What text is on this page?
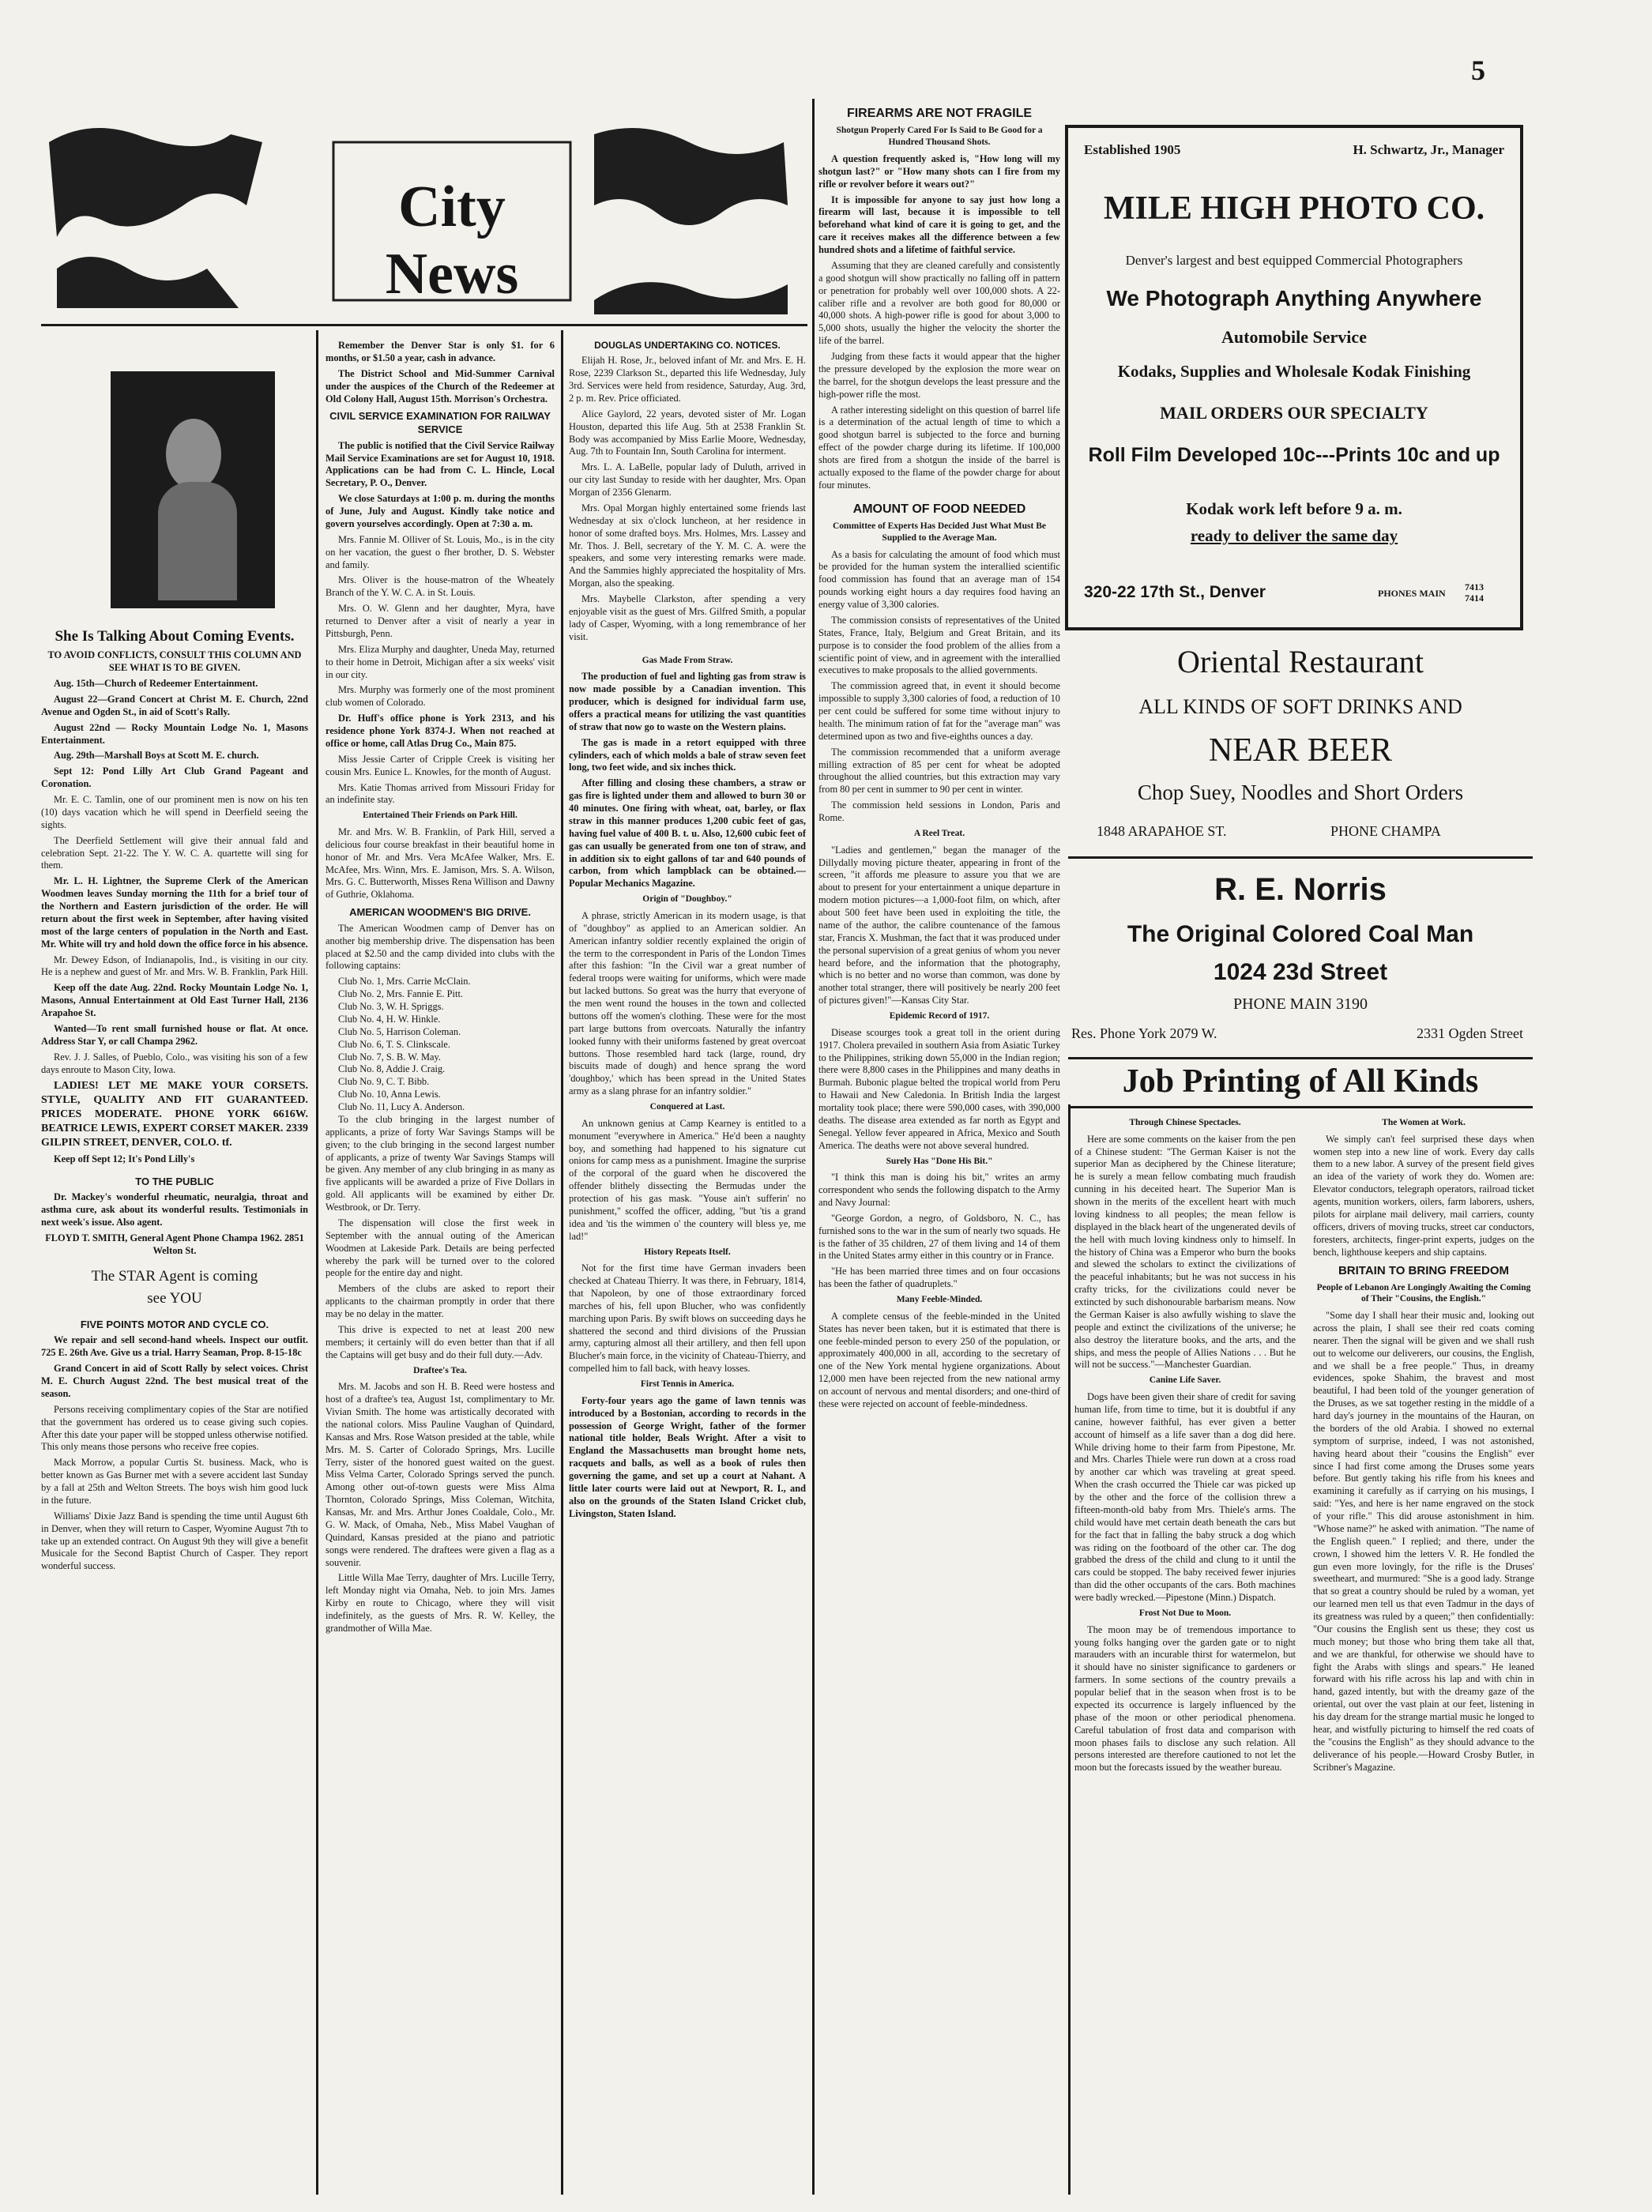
5
City News
She Is Talking About Coming Events.

TO AVOID CONFLICTS, CONSULT THIS COLUMN AND SEE WHAT IS TO BE GIVEN.

Aug. 15th—Church of Redeemer Entertainment.

August 22—Grand Concert at Christ M. E. Church, 22nd Avenue and Ogden St., in aid of Scott's Rally.

August 22nd — Rocky Mountain Lodge No. 1, Masons Entertainment.

Aug. 29th—Marshall Boys at Scott M. E. church.

Sept 12: Pond Lilly Art Club Grand Pageant and Coronation.

Mr. E. C. Tamlin, one of our prominent men is now on his ten (10) days vacation which he will spend in Deerfield seeing the sights.

The Deerfield Settlement will give their annual fald and celebration Sept. 21-22. The Y. W. C. A. quartette will sing for them.

Mr. L. H. Lightner, the Supreme Clerk of the American Woodmen leaves Sunday morning the 11th for a brief tour of the Northern and Eastern jurisdiction of the order. He will return about the first week in September, after having visited most of the large centers of population in the North and East. Mr. White will try and hold down the office force in his absence.

Mr. Dewey Edson, of Indianapolis, Ind., is visiting in our city. He is a nephew and guest of Mr. and Mrs. W. B. Franklin, Park Hill.

Keep off the date Aug. 22nd. Rocky Mountain Lodge No. 1, Masons, Annual Entertainment at Old East Turner Hall, 2136 Arapahoe St.

Wanted—To rent small furnished house or flat. At once. Address Star Y, or call Champa 2962.

Rev. J. J. Salles, of Pueblo, Colo., was visiting his son of a few days enroute to Mason City, Iowa.

LADIES! LET ME MAKE YOUR CORSETS. STYLE, QUALITY AND FIT GUARANTEED. PRICES MODERATE. PHONE YORK 6616W. BEATRICE LEWIS, EXPERT CORSET MAKER. 2339 GILPIN STREET, DENVER, COLO. tf.

Keep off Sept 12; It's Pond Lilly's

TO THE PUBLIC

Dr. Mackey's wonderful rheumatic, neuralgia, throat and asthma cure, ask about its wonderful results. Testimonials in next week's issue. Also agent.

FLOYD T. SMITH, General Agent Phone Champa 1962. 2851 Welton St.

The STAR Agent is coming
see YOU
FIVE POINTS MOTOR AND CYCLE CO.

We repair and sell second-hand wheels. Inspect our outfit. 725 E. 26th Ave. Give us a trial. Harry Seaman, Prop. 8-15-18c

Grand Concert in aid of Scott Rally by select voices. Christ M. E. Church August 22nd. The best musical treat of the season.

Persons receiving complimentary copies of the Star are notified that the government has ordered us to cease giving such copies. After this date your paper will be stopped unless otherwise notified. This only means those persons who receive free copies.

Mack Morrow, a popular Curtis St. business. Mack, who is better known as Gas Burner met with a severe accident last Sunday by a fall at 25th and Welton Streets. The boys wish him good luck in the future.

Williams' Dixie Jazz Band is spending the time until August 6th in Denver, when they will return to Casper, Wyomine August 7th to take up an extended contract. On August 9th they will give a benefit Musicale for the Second Baptist Church of Casper. They report wonderful success.

Remember the Denver Star is only $1. for 6 months, or $1.50 a year, cash in advance.

The District School and Mid-Summer Carnival under the auspices of the Church of the Redeemer at Old Colony Hall, August 15th. Morrison's Orchestra.

CIVIL SERVICE EXAMINATION FOR RAILWAY SERVICE

The public is notified that the Civil Service Railway Mail Service Examinations are set for August 10, 1918. Applications can be had from C. L. Hincle, Local Secretary, P. O., Denver.

We close Saturdays at 1:00 p. m. during the months of June, July and August. Kindly take notice and govern yourselves accordingly. Open at 7:30 a. m.

Mrs. Fannie M. Olliver of St. Louis, Mo., is in the city on her vacation, the guest o fher brother, D. S. Webster and family.

Mrs. Oliver is the house-matron of the Wheately Branch of the Y. W. C. A. in St. Louis.

Mrs. O. W. Glenn and her daughter, Myra, have returned to Denver after a visit of nearly a year in Pittsburgh, Penn.

Mrs. Eliza Murphy and daughter, Uneda May, returned to their home in Detroit, Michigan after a six weeks' visit in our city.

Mrs. Murphy was formerly one of the most prominent club women of Colorado.

Dr. Huff's office phone is York 2313, and his residence phone York 8374-J. When not reached at office or home, call Atlas Drug Co., Main 875.

Miss Jessie Carter of Cripple Creek is visiting her cousin Mrs. Eunice L. Knowles, for the month of August.

Mrs. Katie Thomas arrived from Missouri Friday for an indefinite stay.

Entertained Their Friends on Park Hill.

Mr. and Mrs. W. B. Franklin, of Park Hill, served a delicious four course breakfast in their beautiful home in honor of Mr. and Mrs. Vera McAfee Walker, Mrs. E. McAfee, Mrs. Winn, Mrs. E. Jamison, Mrs. S. A. Wilson, Mrs. G. C. Butterworth, Misses Rena Willison and Dawny of Guthrie, Oklahoma.

AMERICAN WOODMEN'S BIG DRIVE.

The American Woodmen camp of Denver has on another big membership drive. The dispensation has been placed at $2.50 and the camp divided into clubs with the following captains:

Club No. 1, Mrs. Carrie McClain.
Club No. 2, Mrs. Fannie E. Pitt.
Club No. 3, W. H. Spriggs.
Club No. 4, H. W. Hinkle.
Club No. 5, Harrison Coleman.
Club No. 6, T. S. Clinkscale.
Club No. 7, S. B. W. May.
Club No. 8, Addie J. Craig.
Club No. 9, C. T. Bibb.
Club No. 10, Anna Lewis.
Club No. 11, Lucy A. Anderson.

To the club bringing in the largest number of applicants, a prize of forty War Savings Stamps will be given; to the club bringing in the second largest number of applicants, a prize of twenty War Savings Stamps will be given. Any member of any club bringing in as many as five applicants will be awarded a prize of Five Dollars in gold. All applicants will be examined by either Dr. Westbrook, or Dr. Terry.

The dispensation will close the first week in September with the annual outing of the American Woodmen at Lakeside Park. Details are being perfected whereby the park will be turned over to the colored people for the entire day and night.

Members of the clubs are asked to report their applicants to the chairman promptly in order that there may be no delay in the matter.

This drive is expected to net at least 200 new members; it certainly will do even better than that if all the Captains will get busy and do their full duty.—Adv.

Draftee's Tea.

Mrs. M. Jacobs and son H. B. Reed were hostess and host of a draftee's tea, August 1st, complimentary to Mr. Vivian Smith. The home was artistically decorated with the national colors. Miss Pauline Vaughan of Quindard, Kansas and Mrs. Rose Watson presided at the table, while Mrs. M. S. Carter of Colorado Springs, Mrs. Lucille Terry, sister of the honored guest waited on the guest. Miss Velma Carter, Colorado Springs served the punch. Among other out-of-town guests were Miss Alma Thornton, Colorado Springs, Miss Coleman, Witchita, Kansas, Mr. and Mrs. Arthur Jones Coaldale, Colo., Mr. G. W. Mack, of Omaha, Neb., Miss Mabel Vaughan of Quindard, Kansas presided at the piano and patriotic songs were rendered. The draftees were given a flag as a souvenir.

Little Willa Mae Terry, daughter of Mrs. Lucille Terry, left Monday night via Omaha, Neb. to join Mrs. James Kirby en route to Chicago, where they will visit indefinitely, as the guests of Mrs. R. W. Kelley, the grandmother of Willa Mae.

DOUGLAS UNDERTAKING CO. NOTICES.

Elijah H. Rose, Jr., beloved infant of Mr. and Mrs. E. H. Rose, 2239 Clarkson St., departed this life Wednesday, July 3rd. Services were held from residence, Saturday, Aug. 3rd, 2 p. m. Rev. Price officiated.

Alice Gaylord, 22 years, devoted sister of Mr. Logan Houston, departed this life Aug. 5th at 2538 Franklin St. Body was accompanied by Miss Earlie Moore, Wednesday, Aug. 7th to Fountain Inn, South Carolina for interment.

Mrs. L. A. LaBelle, popular lady of Duluth, arrived in our city last Sunday to reside with her daughter, Mrs. Opan Morgan of 2356 Glenarm.

Mrs. Opal Morgan highly entertained some friends last Wednesday at six o'clock luncheon, at her residence in honor of some drafted boys. Mrs. Holmes, Mrs. Lassey and Mr. Thos. J. Bell, secretary of the Y. M. C. A. were the speakers, and some very interesting remarks were made. And the Sammies highly appreciated the hospitality of Mrs. Morgan, also the speaking.

Mrs. Maybelle Clarkston, after spending a very enjoyable visit as the guest of Mrs. Gilfred Smith, a popular lady of Casper, Wyoming, with a long remembrance of her visit.

Gas Made From Straw.

The production of fuel and lighting gas from straw is now made possible by a Canadian invention. This producer, which is designed for individual farm use, offers a practical means for utilizing the vast quantities of straw that now go to waste on the Western plains.

The gas is made in a retort equipped with three cylinders, each of which molds a bale of straw seven feet long, two feet wide, and six inches thick.

After filling and closing these chambers, a straw or gas fire is lighted under them and allowed to burn 30 or 40 minutes. One firing with wheat, oat, barley, or flax straw in this manner produces 1,200 cubic feet of gas, having fuel value of 400 B. t. u. Also, 12,600 cubic feet of gas can usually be generated from one ton of straw, and in addition six to eight gallons of tar and 640 pounds of carbon, from which lampblack can be obtained.—Popular Mechanics Magazine.

Origin of "Doughboy."

A phrase, strictly American in its modern usage, is that of "doughboy" as applied to an American soldier. An American infantry soldier recently explained the origin of the term to the correspondent in Paris of the London Times after this fashion: "In the Civil war a great number of federal troops were waiting for uniforms, which were made but lacked buttons. So great was the hurry that everyone of the men went round the houses in the town and collected buttons off the women's clothing. These were for the most part large buttons from overcoats. Naturally the infantry looked funny with their uniforms fastened by great overcoat buttons. Those resembled hard tack (large, round, dry biscuits made of dough) and hence sprang the word 'doughboy,' which has been spread in the United States army as a slang phrase for an infantry soldier."

Conquered at Last.

An unknown genius at Camp Kearney is entitled to a monument "everywhere in America." He'd been a naughty boy, and something had happened to his signature cut onions for camp mess as a punishment. Imagine the surprise of the corporal of the guard when he discovered the offender blithely dissecting the Bermudas under the protection of his gas mask. "Youse ain't sufferin' no punishment," scoffed the officer, adding, "but 'tis a grand idea and 'tis the wimmen o' the countery will bless ye, me lad!"

History Repeats Itself.

Not for the first time have German invaders been checked at Chateau Thierry. It was there, in February, 1814, that Napoleon, by one of those extraordinary forced marches of his, fell upon Blucher, who was confidently marching upon Paris. By swift blows on succeeding days he shattered the second and third divisions of the Prussian army, capturing almost all their artillery, and then fell upon Blucher's main force, in the vicinity of Chateau-Thierry, and compelled him to fall back, with heavy losses.

First Tennis in America.

Forty-four years ago the game of lawn tennis was introduced by a Bostonian, according to records in the possession of George Wright, father of the former national title holder, Beals Wright. After a visit to England the Massachusetts man brought home nets, racquets and balls, as well as a book of rules then governing the game, and set up a court at Nahant. A little later courts were laid out at Newport, R. I., and also on the grounds of the Staten Island Cricket club, Livingston, Staten Island.

FIREARMS ARE NOT FRAGILE
Shotgun Properly Cared For Is Said to Be Good for a Hundred Thousand Shots.

A question frequently asked is, "How long will my shotgun last?" or "How many shots can I fire from my rifle or revolver before it wears out?"

It is impossible for anyone to say just how long a firearm will last, because it is impossible to tell beforehand what kind of care it is going to get, and the care it receives makes all the difference between a few hundred shots and a lifetime of faithful service.

Assuming that they are cleaned carefully and consistently a good shotgun will show practically no falling off in pattern or penetration for probably well over 100,000 shots. A 22-caliber rifle and a revolver are both good for 80,000 or 40,000 shots. A high-power rifle is good for about 3,000 to 5,000 shots, usually the higher the velocity the shorter the life of the barrel.

Judging from these facts it would appear that the higher the pressure developed by the explosion the more wear on the barrel, for the shotgun develops the least pressure and the high-power rifle the most.

A rather interesting sidelight on this question of barrel life is a determination of the actual length of time to which a good shotgun barrel is subjected to the force and burning effect of the powder charge during its lifetime. If 100,000 shots are fired from a shotgun the inside of the barrel is actually exposed to the flame of the powder charge for about four minutes.

AMOUNT OF FOOD NEEDED
Committee of Experts Has Decided Just What Must Be Supplied to the Average Man.

As a basis for calculating the amount of food which must be provided for the human system the interallied scientific food commission has found that an average man of 154 pounds working eight hours a day requires food having an energy value of 3,300 calories.

The commission consists of representatives of the United States, France, Italy, Belgium and Great Britain, and its purpose is to consider the food problem of the allies from a scientific point of view, and in agreement with the interallied executives to make proposals to the allied governments.

The commission agreed that, in event it should become impossible to supply 3,300 calories of food, a reduction of 10 per cent could be suffered for some time without injury to health. The minimum ration of fat for the "average man" was determined upon as two and five-eighths ounces a day.

The commission recommended that a uniform average milling extraction of 85 per cent for wheat be adopted throughout the allied countries, but this extraction may vary from 80 per cent in summer to 90 per cent in winter.

The commission held sessions in London, Paris and Rome.

A Reel Treat.

"Ladies and gentlemen," began the manager of the Dillydally moving picture theater, appearing in front of the screen, "it affords me pleasure to assure you that we are about to present for your entertainment a unique departure in modern motion pictures—a 1,000-foot film, on which, after about 500 feet have been used in exploiting the title, the name of the author, the calibre countenance of the famous star, Francis X. Mushman, the fact that it was produced under the personal supervision of a great genius of whom you never heard before, and the information that the photography, which is no better and no worse than common, was done by another total stranger, there will positively be nearly 200 feet of pictures given!"—Kansas City Star.

Epidemic Record of 1917.

Disease scourges took a great toll in the orient during 1917. Cholera prevailed in southern Asia from Asiatic Turkey to the Philippines, striking down 55,000 in the Indian region; there were 8,800 cases in the Philippines and many deaths in Burmah. Bubonic plague belted the tropical world from Peru to Hawaii and New Caledonia. In British India the largest mortality took place; there were 590,000 cases, with 390,000 deaths. The disease area extended as far north as Egypt and Senegal. Yellow fever appeared in Africa, Mexico and South America. The deaths were not above several hundred.

Surely Has "Done His Bit."

"I think this man is doing his bit," writes an army correspondent who sends the following dispatch to the Army and Navy Journal:

"George Gordon, a negro, of Goldsboro, N. C., has furnished sons to the war in the sum of nearly two squads. He is the father of 35 children, 27 of them living and 14 of them in the United States army either in this country or in France.

"He has been married three times and on four occasions has been the father of quadruplets."

Many Feeble-Minded.

A complete census of the feeble-minded in the United States has never been taken, but it is estimated that there is one feeble-minded person to every 250 of the population, or approximately 400,000 in all, according to the secretary of one of the New York mental hygiene organizations. About 12,000 men have been rejected from the new national army on account of nervous and mental disorders; and one-third of these were rejected on account of feeble-mindedness.

Established 1905	H. Schwartz, Jr., Manager
MILE HIGH PHOTO CO.
Denver's largest and best equipped Commercial Photographers
We Photograph Anything Anywhere
Automobile Service
Kodaks, Supplies and Wholesale Kodak Finishing
MAIL ORDERS OUR SPECIALTY
Roll Film Developed 10c---Prints 10c and up
Kodak work left before 9 a. m.
ready to deliver the same day
320-22 17th St., Denver	PHONES MAIN
7413 7414
Oriental Restaurant
ALL KINDS OF SOFT DRINKS AND
NEAR BEER
Chop Suey, Noodles and Short Orders
1848 ARAPAHOE ST.	PHONE CHAMPA
R. E. Norris
The Original Colored Coal Man
1024 23d Street
PHONE MAIN 3190
Res. Phone York 2079 W.	2331 Ogden Street
Job Printing of All Kinds
Through Chinese Spectacles.

Here are some comments on the kaiser from the pen of a Chinese student: "The German Kaiser is not the superior Man as deciphered by the Chinese literature; he is surely a mean fellow combating much fraudish cunning in his deceited heart. The Superior Man is shown in the merits of the excellent heart with much loving kindness to all peoples; the mean fellow is displayed in the black heart of the ungenerated devils of the hell with much loving kindness only to himself. In the history of China was a Emperor who burn the books and slewed the scholars to extinct the civilizations of the peaceful inhabitants; but he was not success in his crafty tricks, for the civilizations could never be extincted by such dishonourable barbarism means. Now the German Kaiser is also awfully wishing to slave the people and extinct the civilizations of the universe; he also destroy the literature books, and the arts, and the ships, and mess the people of Allies Nations . . . But he will not be success."—Manchester Guardian.

Canine Life Saver.

Dogs have been given their share of credit for saving human life, from time to time, but it is doubtful if any canine, however faithful, has ever given a better account of himself as a life saver than a dog did here. While driving home to their farm from Pipestone, Mr. and Mrs. Charles Thiele were run down at a cross road by another car which was traveling at great speed. When the crash occurred the Thiele car was picked up by the other and the force of the collision threw a fifteen-month-old baby from Mrs. Thiele's arms. The child would have met certain death beneath the cars but for the fact that in falling the baby struck a dog which was riding on the footboard of the other car. The dog grabbed the dress of the child and clung to it until the cars could be stopped. The baby received fewer injuries than did the other occupants of the cars. Both machines were badly wrecked.—Pipestone (Minn.) Dispatch.

Frost Not Due to Moon.

The moon may be of tremendous importance to young folks hanging over the garden gate or to night marauders with an incurable thirst for watermelon, but it should have no sinister significance to gardeners or farmers. In some sections of the country prevails a popular belief that in the season when frost is to be expected its occurrence is largely influenced by the phase of the moon or other periodical phenomena. Careful tabulation of frost data and comparison with moon phases fails to disclose any such relation. All persons interested are therefore cautioned to not let the moon but the forecasts issued by the weather bureau.

The Women at Work.

We simply can't feel surprised these days when women step into a new line of work. Every day calls them to a new labor. A survey of the present field gives an idea of the variety of work they do. Women are: Elevator conductors, telegraph operators, railroad ticket agents, munition workers, oilers, farm laborers, ushers, pilots for airplane mail delivery, mail carriers, county officers, drivers of moving trucks, street car conductors, foresters, architects, finger-print experts, judges on the bench, lighthouse keepers and ship captains.

BRITAIN TO BRING FREEDOM
People of Lebanon Are Longingly Awaiting the Coming of Their "Cousins, the English."

"Some day I shall hear their music and, looking out across the plain, I shall see their red coats coming nearer. Then the signal will be given and we shall rush out to welcome our deliverers, our cousins, the English, and we shall be a free people." Thus, in dreamy evidences, spoke Shahim, the bravest and most beautiful, I had been told of the younger generation of the Druses, as we sat together resting in the middle of a hard day's journey in the mountains of the Hauran, on the borders of the old Arabia. I showed no external symptom of surprise, indeed, I was not astonished, having heard about their "cousins the English" ever since I had first come among the Druses some years before. But gently taking his rifle from his knees and examining it carefully as if carrying on his musings, I said: "Yes, and here is her name engraved on the stock of your rifle." This did arouse astonishment in him. "Whose name?" he asked with animation. "The name of the English queen." I replied; and there, under the crown, I showed him the letters V. R. He fondled the gun even more lovingly, for the rifle is the Druses' sweetheart, and murmured: "She is a good lady. Strange that so great a country should be ruled by a woman, yet our learned men tell us that even Tadmur in the days of its greatness was ruled by a queen;" then confidentially: "Our cousins the English sent us these; they cost us much money; but those who bring them take all that, and we are thankful, for otherwise we should have to fight the Arabs with slings and spears." He leaned forward with his rifle across his lap and with chin in hand, gazed intently, but with the dreamy gaze of the oriental, out over the vast plain at our feet, listening in his day dream for the strange martial music he longed to hear, and wistfully picturing to himself the red coats of the "cousins the English" as they should advance to the deliverance of his people.—Howard Crosby Butler, in Scribner's Magazine.
